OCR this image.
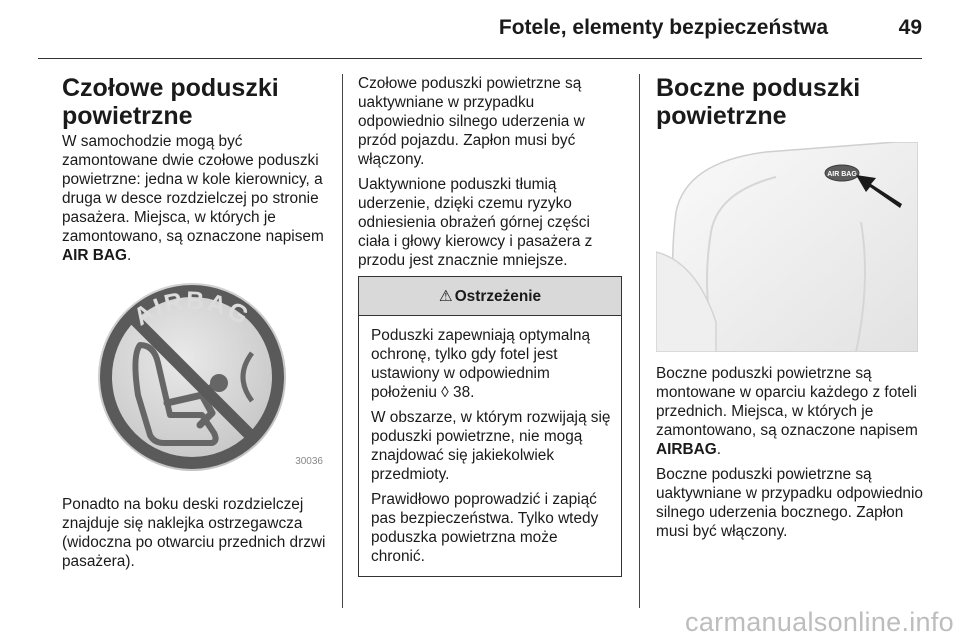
Fotele, elementy bezpieczeństwa	49
Czołowe poduszki powietrzne

W samochodzie mogą być zamontowane dwie czołowe poduszki powietrzne: jedna w kole kierownicy, a druga w desce rozdzielczej po stronie pasażera. Miejsca, w których je zamontowano, są oznaczone napisem AIR BAG.

AIRBAG
30036

Ponadto na boku deski rozdzielczej znajduje się naklejka ostrzegawcza (widoczna po otwarciu przednich drzwi pasażera).

Czołowe poduszki powietrzne są uaktywniane w przypadku odpowiednio silnego uderzenia w przód pojazdu. Zapłon musi być włączony.

Uaktywnione poduszki tłumią uderzenie, dzięki czemu ryzyko odniesienia obrażeń górnej części ciała i głowy kierowcy i pasażera z przodu jest znacznie mniejsze.

⚠ Ostrzeżenie

Poduszki zapewniają optymalną ochronę, tylko gdy fotel jest ustawiony w odpowiednim położeniu ◊ 38.

W obszarze, w którym rozwijają się poduszki powietrzne, nie mogą znajdować się jakiekolwiek przedmioty.

Prawidłowo poprowadzić i zapiąć pas bezpieczeństwa. Tylko wtedy poduszka powietrzna może chronić.

Boczne poduszki powietrzne
AIR BAG

Boczne poduszki powietrzne są montowane w oparciu każdego z foteli przednich. Miejsca, w których je zamontowano, są oznaczone napisem AIRBAG.

Boczne poduszki powietrzne są uaktywniane w przypadku odpowiednio silnego uderzenia bocznego. Zapłon musi być włączony.

carmanualsonline.info
